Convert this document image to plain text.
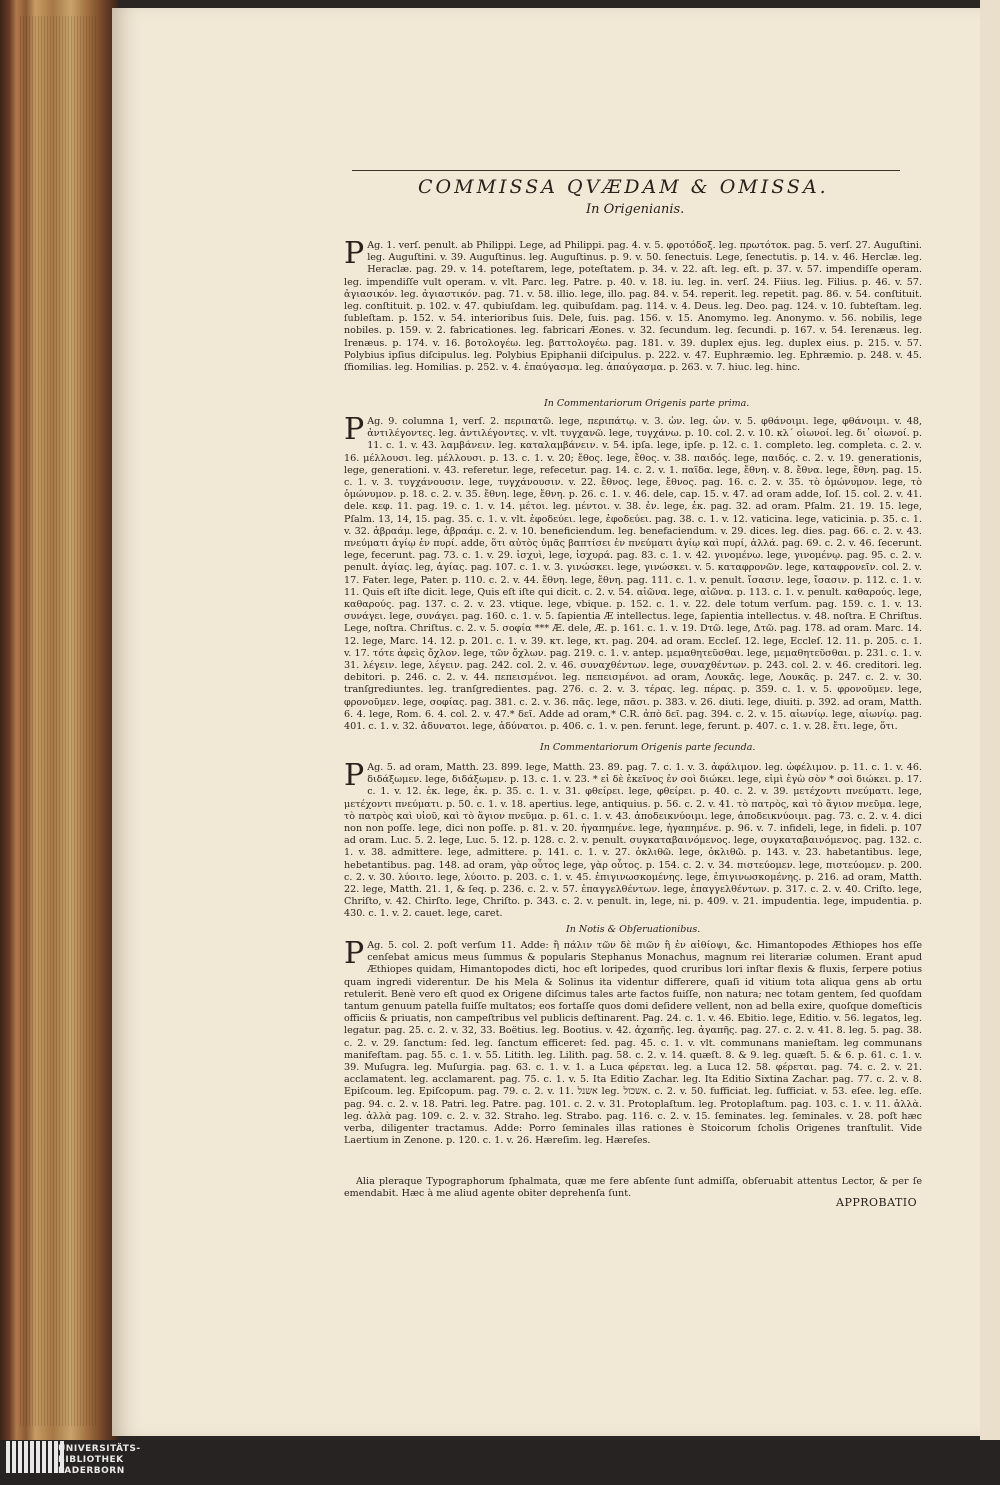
COMMISSA QVÆDAM & OMISSA.
In Origenianis.
P Ag. 1. verſ. penult. ab Philippi. Lege, ad Philippi. pag. 4. v. 5. φροτόδοξ. leg. πρωτότοκ. pag. 5. verſ. 27. Auguſtini. leg. Auguſtini. v. 39. Auguſtinus. leg. Auguſtinus. p. 9. v. 50. ſenectuis. Lege, ſenectutis. p. 14. v. 46. Herclæ. leg. Heraclæ. pag. 29. v. 14. poteſtarem, lege, poteſtatem. p. 34. v. 22. aſt. leg. eſt. p. 37. v. 57. impendiſſe operam. leg. impendiſſe vult operam. v. vlt. Parc. leg. Patre. p. 40. v. 18. iu. leg. in. verſ. 24. Fiius. leg. Filius. p. 46. v. 57. ἀγιασικόν. leg. ἀγιαστικόν. pag. 71. v. 58. illio. lege, illo. pag. 84. v. 54. reperit. leg. repetit. pag. 86. v. 54. conſtituit. leg. conſtituit. p. 102. v. 47. qubiuſdam. leg. quibuſdam. pag. 114. v. 4. Deus. leg. Deo. pag. 124. v. 10. ſubteſtam. leg. ſubleſtam. p. 152. v. 54. interioribus ſuis. Dele, ſuis. pag. 156. v. 15. Anomymo. leg. Anonymo. v. 56. nobilis, lege nobiles. p. 159. v. 2. fabricationes. leg. fabricari Æones. v. 32. ſecundum. leg. ſecundi. p. 167. v. 54. Ierenæus. leg. Irenæus. p. 174. v. 16. βοτολογέω. leg. βαττολογέω. pag. 181. v. 39. duplex ejus. leg. duplex eius. p. 215. v. 57. Polybius ipſius diſcipulus. leg. Polybius Epiphanii diſcipulus. p. 222. v. 47. Euphræmio. leg. Ephræmio. p. 248. v. 45. ſfiomilias. leg. Homilias. p. 252. v. 4. ἐπαύγασμα. leg. ἀπαύγασμα. p. 263. v. 7. hiuc. leg. hinc.
In Commentariorum Origenis parte prima.
P Ag. 9. columna 1, verſ. 2. περιπατῶ. lege, περιπάτῳ. v. 3. ὧν. leg. ὧν. v. 5. φθάνοιμι. lege, φθάνοιμι. v. 48, ἀντιλέγοντες. leg. ἀντιλέγοντες. v. vlt. τυγχανῶ. lege, τυγχάνω. p. 10. col. 2. v. 10. κλ´ οἰωνοί. leg. δι᾽ οἰωνοί. p. 11. c. 1. v. 43. λαμβάνειν. leg. καταλαμβάνειν. v. 54. ipſa. lege, ipſe. p. 12. c. 1. completo. leg. completa. c. 2. v. 16. μέλλουσι. leg. μέλλουσι. p. 13. c. 1. v. 20; ἔθος. lege, ἔθος. v. 38. παιδός. lege, παιδός. c. 2. v. 19. generationis, lege, generationi. v. 43. referetur. lege, refecetur. pag. 14. c. 2. v. 1. παῖδα. lege, ἔθνη. v. 8. ἔθνα. lege, ἔθνη. pag. 15. c. 1. v. 3. τυγχάνουσιν. lege, τυγχάνουσιν. v. 22. ἔθνος. lege, ἔθνος. pag. 16. c. 2. v. 35. τὸ ὁμώνυμον. lege, τὸ ὁμώνυμον. p. 18. c. 2. v. 35. ἔθνη. lege, ἔθνη. p. 26. c. 1. v. 46. dele, cap. 15. v. 47. ad oram adde, Ioſ. 15. col. 2. v. 41. dele. κεφ. 11. pag. 19. c. 1. v. 14. μέτοι. leg. μέντοι. v. 38. ἐν. lege, ἐκ. pag. 32. ad oram. Pſalm. 21. 19. 15. lege, Pſalm. 13, 14, 15. pag. 35. c. 1. v. vlt. ἐφοδεύει. lege, ἐφοδεύει. pag. 38. c. 1. v. 12. vaticina. lege, vaticinia. p. 35. c. 1. v. 32. ἀβραάμ. lege, ἀβραάμ. c. 2. v. 10. beneficiendum. leg. benefaciendum. v. 29. dices. leg. dies. pag. 66. c. 2. v. 43. πνεύματι ἁγίῳ ἐν πυρί. adde, ὅτι αὐτὸς ὑμᾶς βαπτίσει ἐν πνεύματι ἁγίῳ καὶ πυρί, ἀλλά. pag. 69. c. 2. v. 46. ſecerunt. lege, fecerunt. pag. 73. c. 1. v. 29. ἰσχυὶ, lege, ἰσχυρά. pag. 83. c. 1. v. 42. γινομένω. lege, γινομένῳ. pag. 95. c. 2. v. penult. ἀγίας. leg, ἁγίας. pag. 107. c. 1. v. 3. γινώσκει. lege, γινώσκει. v. 5. καταφρονῶν. lege, καταφρονεῖν. col. 2. v. 17. Fater. lege, Pater. p. 110. c. 2. v. 44. ἔθνη. lege, ἔθνη. pag. 111. c. 1. v. penult. ἴσασιν. lege, ἴσασιν. p. 112. c. 1. v. 11. Quis eſt iſte dicit. lege, Quis eſt iſte qui dicit. c. 2. v. 54. αἰῶνα. lege, αἰῶνα. p. 113. c. 1. v. penult. καθαρούς. lege, καθαρούς. pag. 137. c. 2. v. 23. vtique. lege, vbique. p. 152. c. 1. v. 22. dele totum verſum. pag. 159. c. 1. v. 13. συνάγει. lege, συνάγει. pag. 160. c. 1. v. 5. ſapientia Æ intellectus. lege, ſapientia intellectus. v. 48. noſtra. E Chriſtus. Lege, noſtra. Chriſtus. c. 2. v. 5. σοφία *** Æ. dele, Æ. p. 161. c. 1. v. 19. Dτῶ. lege, Δτῶ. pag. 178. ad oram. Marc. 14. 12. lege, Marc. 14. 12. p. 201. c. 1. v. 39. κτ. lege, κτ. pag. 204. ad oram. Eccleſ. 12. lege, Eccleſ. 12. 11. p. 205. c. 1. v. 17. τότε ἀφεὶς ὄχλον. lege, τῶν ὄχλων. pag. 219. c. 1. v. antep. μεμαθητεῦσθαι. lege, μεμαθητεῦσθαι. p. 231. c. 1. v. 31. λέγειν. lege, λέγειν. pag. 242. col. 2. v. 46. συναχθέντων. lege, συναχθέντων. p. 243. col. 2. v. 46. creditori. leg. debitori. p. 246. c. 2. v. 44. πεπεισμένοι. leg. πεπεισμένοι. ad oram, Λουκᾶς. lege, Λουκᾶς. p. 247. c. 2. v. 30. tranſgrediuntes. leg. tranſgredientes. pag. 276. c. 2. v. 3. τέρας. leg. πέρας. p. 359. c. 1. v. 5. φρονοῦμεν. lege, φρονοῦμεν. lege, σοφίας. pag. 381. c. 2. v. 36. πᾶς. lege, πᾶσι. p. 383. v. 26. diuti. lege, diuiti. p. 392. ad oram, Matth. 6. 4. lege, Rom. 6. 4. col. 2. v. 47.* δεῖ. Adde ad oram,* C.R. ἀπὸ δεῖ. pag. 394. c. 2. v. 15. αἰωνίῳ. lege, αἰωνίῳ. pag. 401. c. 1. v. 32. ἀδυνατοι. lege, ἀδύνατοι. p. 406. c. 1. v. pen. ferunt. lege, ferunt. p. 407. c. 1. v. 28. ἔτι. lege, ὅτι.
In Commentariorum Origenis parte ſecunda.
P Ag. 5. ad oram, Matth. 23. 899. lege, Matth. 23. 89. pag. 7. c. 1. v. 3. ἀφάλιμον. leg. ὠφέλιμον. p. 11. c. 1. v. 46. διδάξωμεν. lege, διδάξωμεν. p. 13. c. 1. v. 23. * εἰ δὲ ἐκεῖνος ἐν σοὶ διώκει. lege, εἰμὶ ἐγὼ σὸν * σοὶ διώκει. p. 17. c. 1. v. 12. ἐκ. lege, ἐκ. p. 35. c. 1. v. 31. φθείρει. lege, φθείρει. p. 40. c. 2. v. 39. μετέχοντι πνεύματι. lege, μετέχοντι πνεύματι. p. 50. c. 1. v. 18. apertius. lege, antiquius. p. 56. c. 2. v. 41. τὸ πατρὸς, καὶ τὸ ἅγιον πνεῦμα. lege, τὸ πατρὸς καὶ υἱοῦ, καὶ τὸ ἅγιον πνεῦμα. p. 61. c. 1. v. 43. ἀποδεικνύοιμι. lege, ἀποδεικνύοιμι. pag. 73. c. 2. v. 4. dici non non poſſe. lege, dici non poſſe. p. 81. v. 20. ἠγαπημένε. lege, ἠγαπημένε. p. 96. v. 7. infideli, lege, in fideli. p. 107 ad oram. Luc. 5. 2. lege, Luc. 5. 12. p. 128. c. 2. v. penult. συγκαταβαινόμενος. lege, συγκαταβαινόμενος. pag. 132. c. 1. v. 38. admittere. lege, admittere. p. 141. c. 1. v. 27. ὀκλιθῶ. lege, ὀκλιθῶ. p. 143. v. 23. habetantibus. lege, hebetantibus. pag. 148. ad oram, γὰρ οὗτος lege, γὰρ οὗτος. p. 154. c. 2. v. 34. πιστεύομεν. lege, πιστεύομεν. p. 200. c. 2. v. 30. λύοιτο. lege, λύοιτο. p. 203. c. 1. v. 45. ἐπιγινωσκομένης. lege, ἐπιγινωσκομένης. p. 216. ad oram, Matth. 22. lege, Matth. 21. 1, & ſeq. p. 236. c. 2. v. 57. ἐπαγγελθέντων. lege, ἐπαγγελθέντων. p. 317. c. 2. v. 40. Criſto. lege, Chriſto, v. 42. Chirſto. lege, Chriſto. p. 343. c. 2. v. penult. in, lege, ni. p. 409. v. 21. impudentia. lege, impudentia. p. 430. c. 1. v. 2. cauet. lege, caret.
In Notis & Obſeruationibus.
P Ag. 5. col. 2. poſt verſum 11. Adde: ἢ πάλιν τῶν δὲ πιῶν ἢ ἐν αἰθίοψι, &c. Himantopodes Æthiopes hos eſſe cenſebat amicus meus ſummus & popularis Stephanus Monachus, magnum rei literariæ columen. Erant apud Æthiopes quidam, Himantopodes dicti, hoc eſt loripedes, quod cruribus lori inſtar flexis & fluxis, ſerpere potius quam ingredi viderentur. De his Mela & Solinus ita videntur differere, quaſi id vitium tota aliqua gens ab ortu retulerit. Benè vero eſt quod ex Origene diſcimus tales arte factos fuiſſe, non natura; nec totam gentem, ſed quoſdam tantum genuum patella fuiſſe multatos; eos fortaſſe quos domi deſidere vellent, non ad bella exire, quoſque domeſticis officiis & priuatis, non campeſtribus vel publicis deſtinarent. Pag. 24. c. 1. v. 46. Ebitio. lege, Editio. v. 56. legatos, leg. legatur. pag. 25. c. 2. v. 32, 33. Boëtius. leg. Bootius. v. 42. ἀχαπῆς. leg. ἀγαπῆς. pag. 27. c. 2. v. 41. 8. leg. 5. pag. 38. c. 2. v. 29. ſanctum: ſed. leg. ſanctum efficeret: ſed. pag. 45. c. 1. v. vlt. communans manieſtam. leg communans manifeſtam. pag. 55. c. 1. v. 55. Litith. leg. Lilith. pag. 58. c. 2. v. 14. quæſt. 8. & 9. leg. quæſt. 5. & 6. p. 61. c. 1. v. 39. Muſugra. leg. Muſurgia. pag. 63. c. 1. v. 1. a Luca φέρεται. leg. a Luca 12. 58. φέρεται. pag. 74. c. 2. v. 21. acclamatent. leg. acclamarent. pag. 75. c. 1. v. 5. Ita Editio Zachar. leg. Ita Editio Sixtina Zachar. pag. 77. c. 2. v. 8. Epiſcoum. leg. Epiſcopum. pag. 79. c. 2. v. 11. אשנל leg. אשכול. c. 2. v. 50. fufficiat. leg. ſufficiat. v. 53. eſee. leg. eſſe. pag. 94. c. 2. v. 18. Patri. leg. Patre. pag. 101. c. 2. v. 31. Protoplaſtum. leg. Protoplaſtum. pag. 103. c. 1. v. 11. ἀλλὰ. leg. ἀλλὰ pag. 109. c. 2. v. 32. Straho. leg. Strabo. pag. 116. c. 2. v. 15. ſeminates. leg. ſeminales. v. 28. poſt hæc verba, diligenter tractamus. Adde: Porro ſeminales illas rationes è Stoicorum ſcholis Origenes tranſtulit. Vide Laertium in Zenone. p. 120. c. 1. v. 26. Hæreſim. leg. Hæreſes.
Alia pleraque Typographorum ſphalmata, quæ me fere abſente ſunt admiſſa, obſeruabit attentus Lector, & per ſe emendabit. Hæc à me aliud agente obiter deprehenſa ſunt.
APPROBATIO
UNIVERSITÄTS-
BIBLIOTHEK
PADERBORN
